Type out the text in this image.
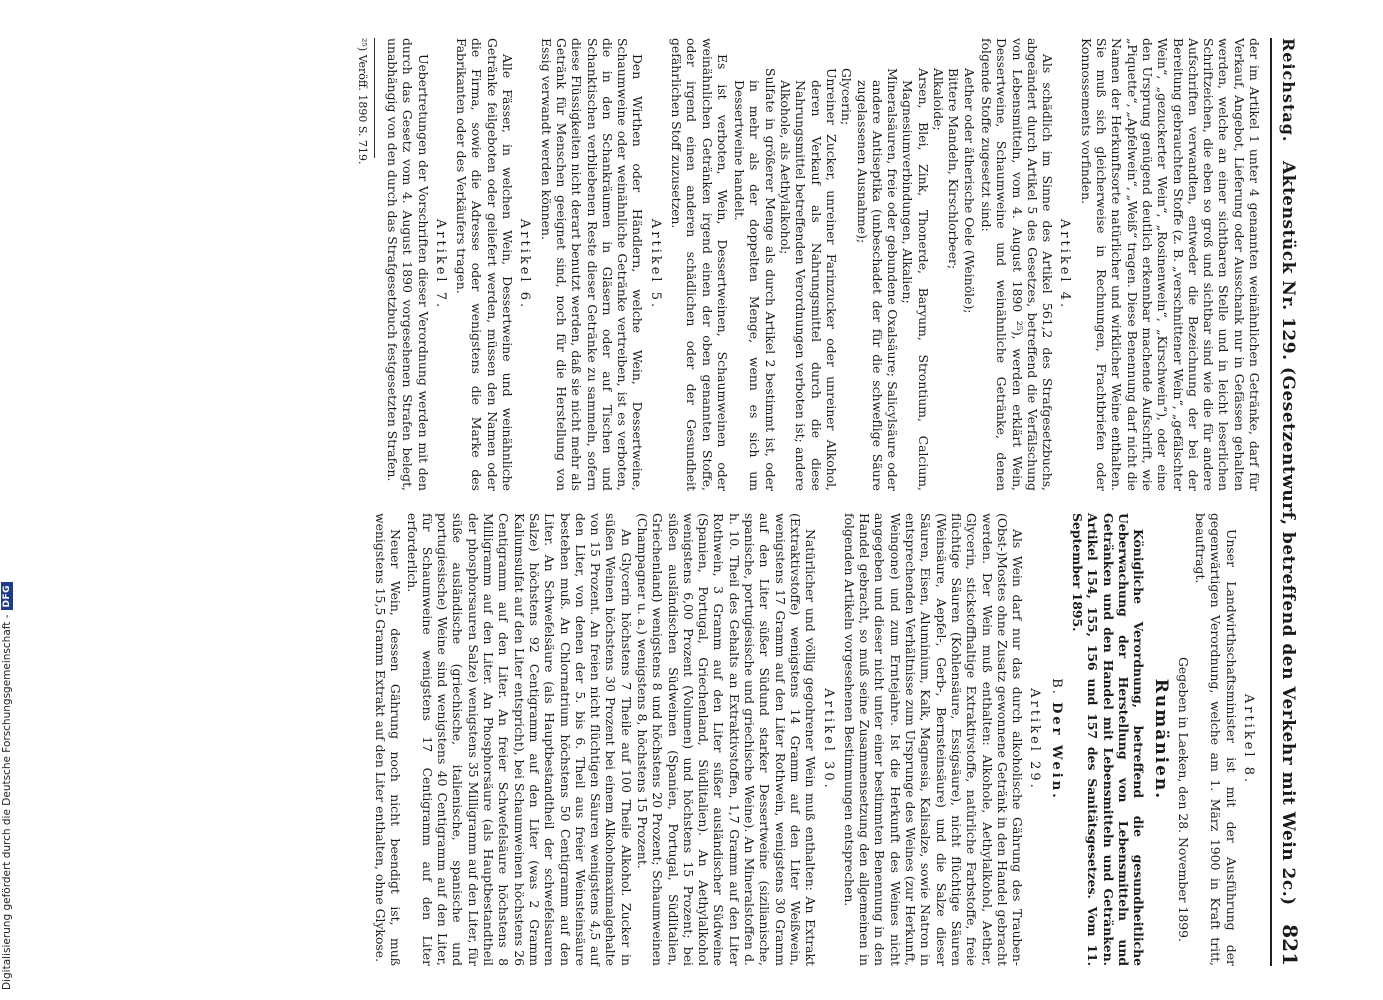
Reichstag.
Aktenstück Nr. 129. (Gesetzentwurf, betreffend den Verkehr mit Wein 2c.)
821

der im Artikel 1 unter 4 genannten weinähnlichen Getränke, darf für Verkauf, Angebot, Lieferung oder Ausschank nur in Gefässen gehalten werden, welche an einer sichtbaren Stelle und in leicht leserlichen Schriftzeichen, die eben so groß und sichtbar sind wie die für andere Aufschriften verwandten, entweder die Bezeichnung der bei der Bereitung gebrauchten Stoffe (z. B. „verschnittener Wein“, „gefälschter Wein“, „gezuckerter Wein“, „Rosinenwein“, „Kirschwein“), oder eine den Ursprung genügend deutlich erkennbar machende Aufschrift, wie „Piquette“, „Apfelwein“, „Weiß“ tragen. Diese Benennung darf nicht die Namen der Herkunftsorte natürlicher und wirklicher Weine enthalten. Sie muß sich gleicherweise in Rechnungen, Frachtbriefen oder Konnossements vorfinden.

Artikel 4.

Als schädlich im Sinne des Artikel 561,2 des Strafgesetzbuchs, abgeändert durch Artikel 5 des Gesetzes, betreffend die Verfälschung von Lebensmitteln, vom 4. August 1890 ²⁵), werden erklärt Wein, Dessertweine, Schaumweine und weinähnliche Getränke, denen folgende Stoffe zugesetzt sind:

Aether oder ätherische Oele (Weinöle);
Bittere Mandeln, Kirschlorbeer;
Alkaloide;
Arsen, Blei, Zink, Thonerde, Baryum, Strontium, Calcium, Magnesiumverbindungen, Alkalien;
Mineralsäuren, freie oder gebundene Oxalsäure; Salicylsäure oder andere Antiseptika (unbeschadet der für die schweflige Säure zugelassenen Ausnahme);
Glycerin;
Unreiner Zucker, unreiner Farinzucker oder unreiner Alkohol, deren Verkauf als Nahrungsmittel durch die diese Nahrungsmittel betreffenden Verordnungen verboten ist; andere Alkohole, als Aethylalkohol;
Sulfate in größerer Menge als durch Artikel 2 bestimmt ist, oder in mehr als der doppelten Menge, wenn es sich um Dessertweine handelt.

Es ist verboten, Wein, Dessertweinen, Schaumweinen oder weinähnlichen Getränken irgend einen der oben genannten Stoffe, oder irgend einen anderen schädlichen oder der Gesundheit gefährlichen Stoff zuzusetzen.

Artikel 5.

Den Wirthen oder Händlern, welche Wein, Dessertweine, Schaumweine oder weinähnliche Getränke vertreiben, ist es verboten, die in den Schankräumen in Gläsern oder auf Tischen und Schanktischen verbliebenen Reste dieser Getränke zu sammeln, sofern diese Flüssigkeiten nicht derart benutzt werden, daß sie nicht mehr als Getränk für Menschen geeignet sind, noch für die Herstellung von Essig verwandt werden können.

Artikel 6.

Alle Fässer, in welchen Wein, Dessertweine und weinähnliche Getränke feilgeboten oder geliefert werden, müssen den Namen oder die Firma, sowie die Adresse oder wenigstens die Marke des Fabrikanten oder des Verkäufers tragen.

Artikel 7.

Uebertretungen der Vorschriften dieser Verordnung werden mit den durch das Gesetz vom 4. August 1890 vorgesehenen Strafen belegt, unabhängig von den durch das Strafgesetzbuch festgesetzten Strafen.

²⁵) Veröff. 1890 S. 719.
Artikel 8.

Unser Landwirthschaftsminister ist mit der Ausführung der gegenwärtigen Verordnung, welche am 1. März 1900 in Kraft tritt, beauftragt.

Gegeben in Laeken, den 28. November 1899.
Rumänien.

Königliche Verordnung, betreffend die gesundheitliche Ueberwachung der Herstellung von Lebensmitteln und Getränken und den Handel mit Lebensmitteln und Getränken. Artikel 154, 155, 156 und 157 des Sanitätsgesetzes. Vom 11. September 1895.

B. Der Wein.
Artikel 29.

Als Wein darf nur das durch alkoholische Gährung des Trauben-(Obst-)Mostes ohne Zusatz gewonnene Getränk in den Handel gebracht werden. Der Wein muß enthalten: Alkohole, Aethylalkohol, Aether, Glycerin, stickstoffhaltige Extraktivstoffe, natürliche Farbstoffe, freie flüchtige Säuren (Kohlensäure, Essigsäure), nicht flüchtige Säuren (Weinsäure, Aepfel-, Gerb-, Bernsteinsäure) und die Salze dieser Säuren, Eisen, Aluminium, Kalk, Magnesia, Kalisalze, sowie Natron in entsprechenden Verhältnisse zum Ursprunge des Weines (zur Herkunft, Weingone) und zum Erntejahre. Ist die Herkunft des Weines nicht angegeben und dieser nicht unter einer bestimmten Benennung in den Handel gebracht, so muß seine Zusammensetzung den allgemeinen in folgenden Artikeln vorgesehenen Bestimmungen entsprechen.

Artikel 30.

Natürlicher und völlig gegohrener Wein muß enthalten: An Extrakt (Extraktivstoffe) wenigstens 14 Gramm auf den Liter Weißwein, wenigstens 17 Gramm auf den Liter Rothwein, wenigstens 30 Gramm auf den Liter süßer Südund starker Dessertweine (sizilianische, spanische, portugiesische und griechische Weine). An Mineralstoffen d. h. 10. Theil des Gehalts an Extraktivstoffen, 1,7 Gramm auf den Liter Rothwein, 3 Gramm auf den Liter süßer ausländischer Südweine (Spanien, Portugal, Griechenland, Südlitalien). An Aethylalkohol wenigstens 6,00 Prozent (Volumen) und höchstens 15 Prozent; bei süßen ausländischen Südweinen (Spanien, Portugal, Südlitalien, Griechenland) wenigstens 8 und höchstens 20 Prozent; Schaumweinen (Champagner u. a.) wenigstens 8, höchstens 15 Prozent.

An Glycerin höchstens 7 Theile auf 100 Theile Alkohol. Zucker in süßen Weinen höchstens 30 Prozent bei einem Alkoholmaximalgehalte von 15 Prozent. An freien nicht flüchtigen Säuren wenigstens 4,5 auf den Liter, von denen der 5. bis 6. Theil aus freier Weinsteinsäure bestehen muß. An Chlornatrium höchstens 50 Centigramm auf den Liter. An Schwefelsäure (als Hauptbestandtheil der schwefelsauren Salze) höchstens 92 Centigramm auf den Liter (was 2 Gramm Kaliumsulfat auf den Liter entspricht), bei Schaumweinen höchstens 26 Centigramm auf den Liter. An freier Schwefelsäure höchstens 8 Milligramm auf den Liter. An Phosphorsäure (als Hauptbestandtheil der phosphorsauren Salze) wenigstens 35 Milligramm auf den Liter, für süße ausländische (griechische, italienische, spanische und portugiesische) Weine sind wenigstens 40 Centigramm auf den Liter, für Schaumweine wenigstens 17 Centigramm auf den Liter erforderlich.

Neuer Wein, dessen Gährung noch nicht beendigt ist, muß wenigstens 15,5 Gramm Extrakt auf den Liter enthalten, ohne Glykose.

Digitalisierung gefördert durch die Deutsche Forschungsgemeinschaft -
DFG
